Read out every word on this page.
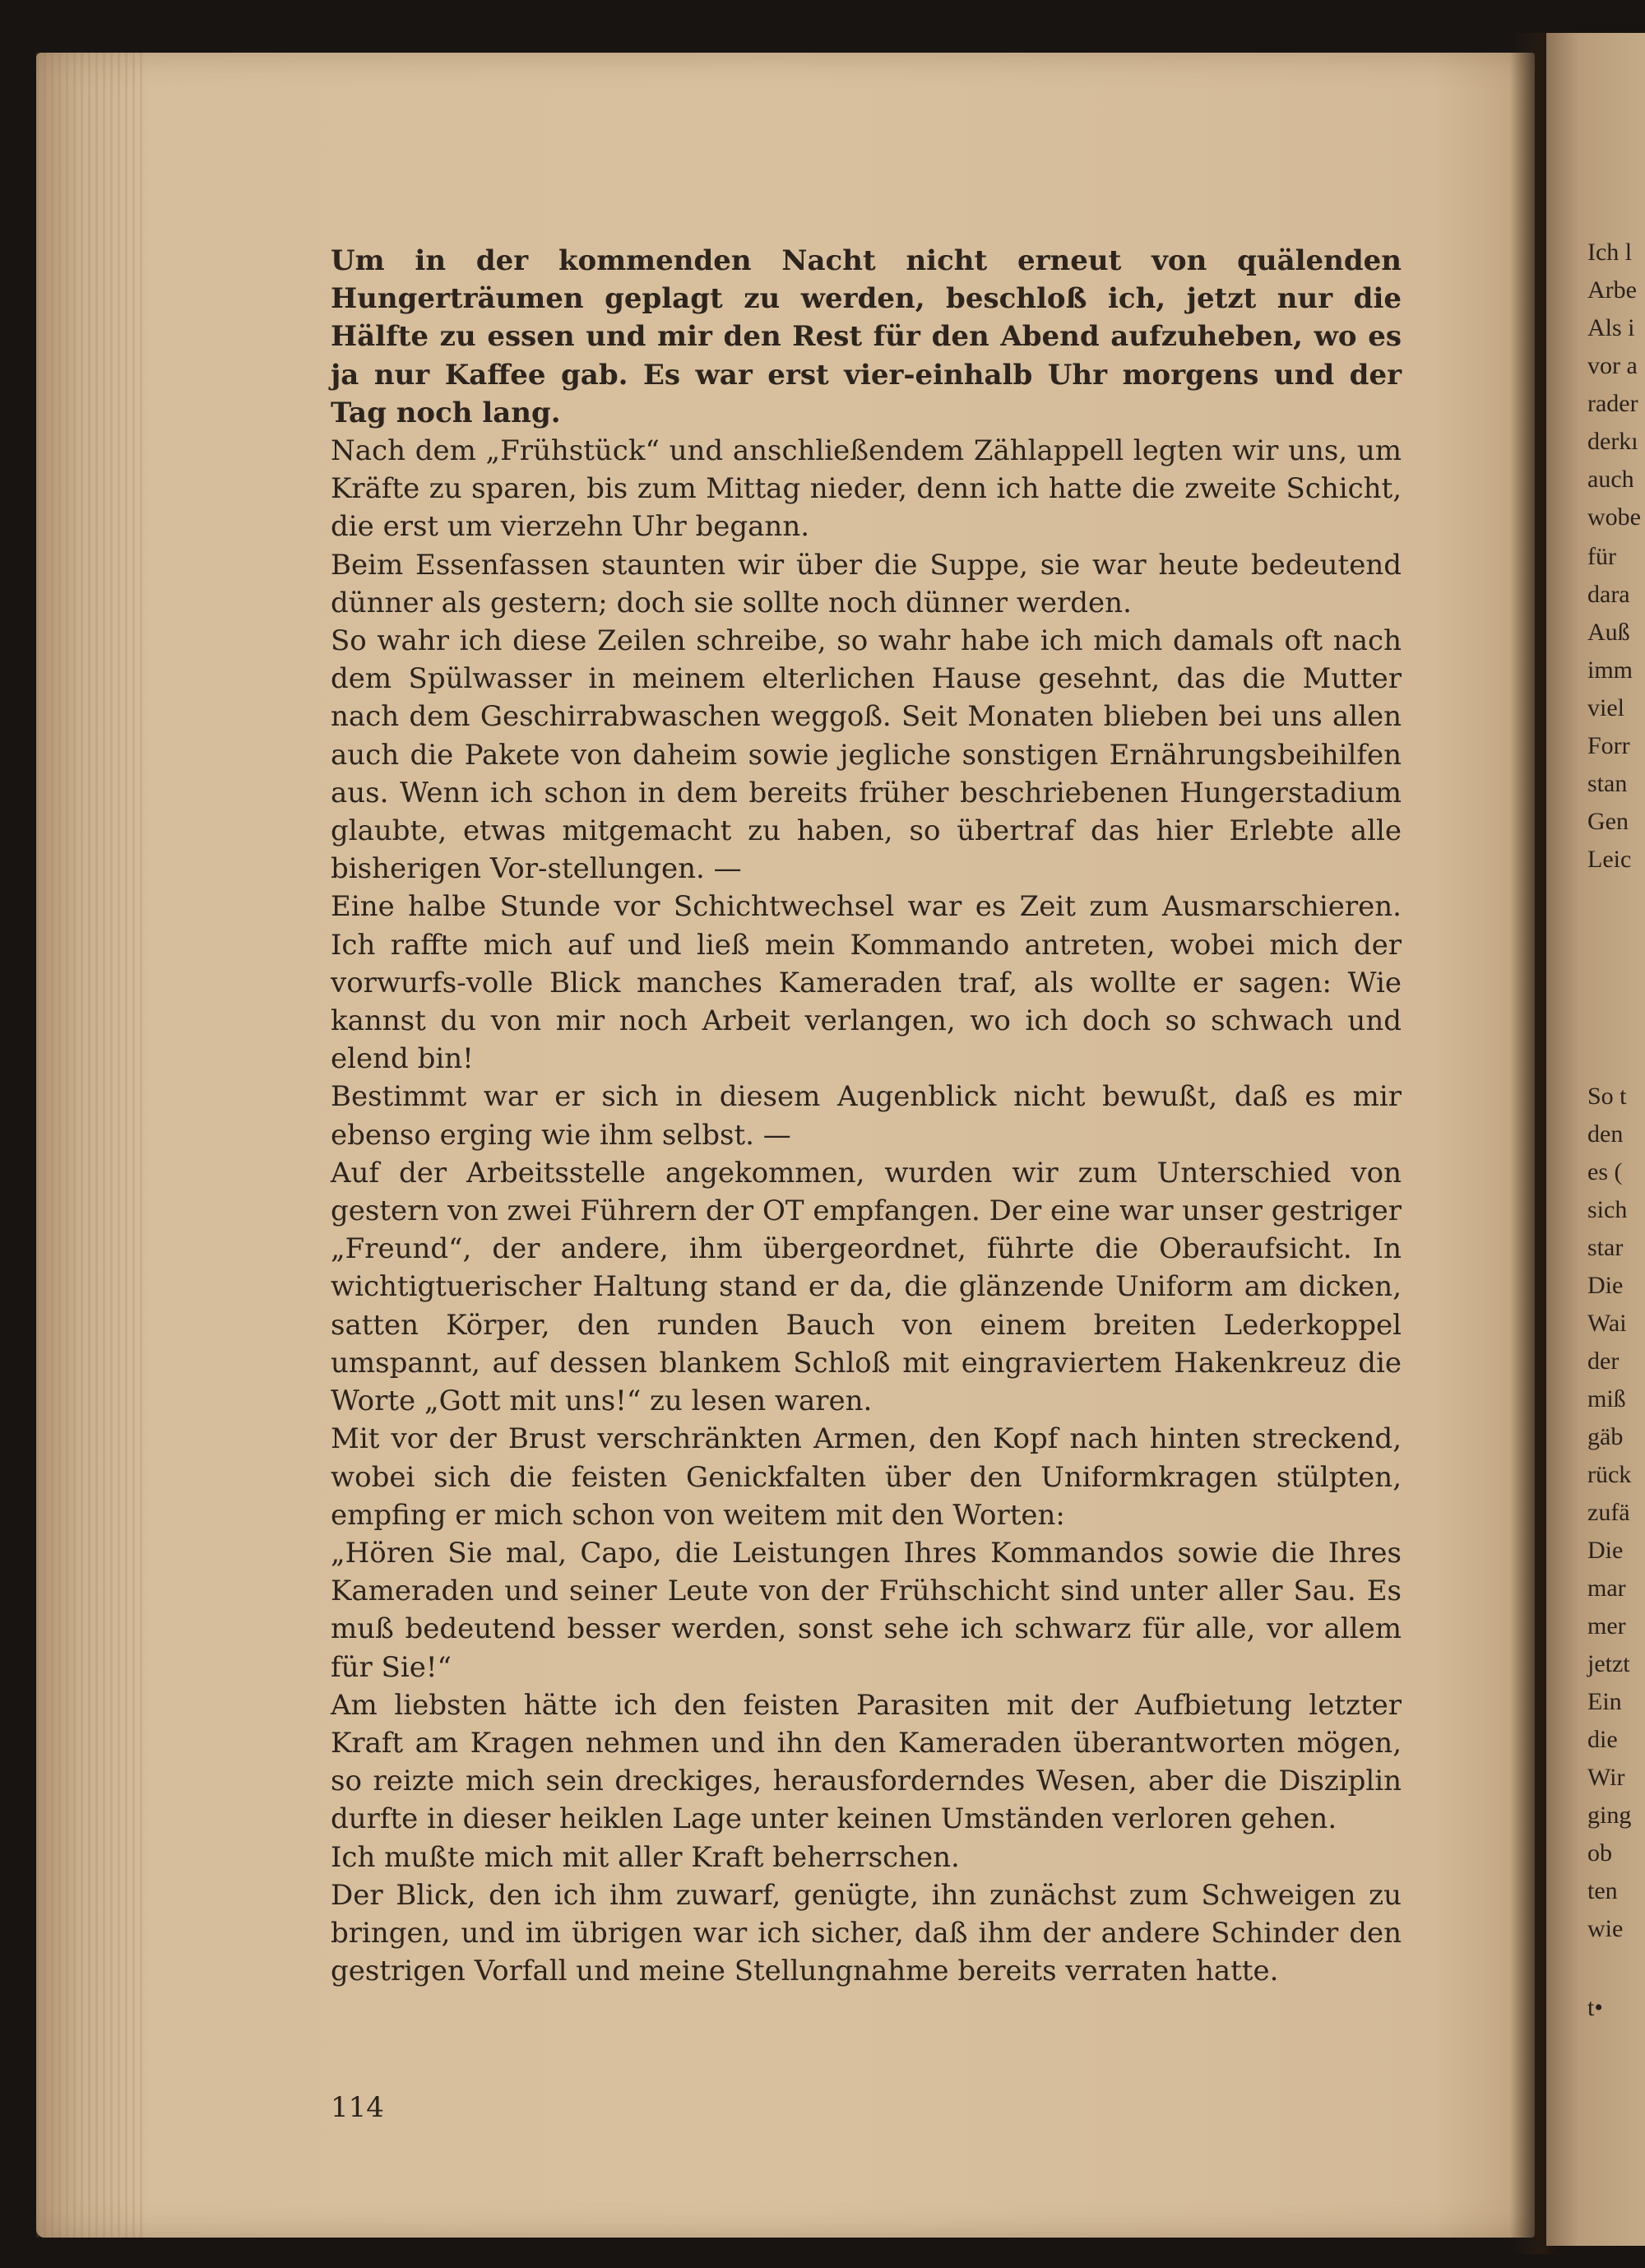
Um in der kommenden Nacht nicht erneut von quälenden Hungerträumen geplagt zu werden, beschloß ich, jetzt nur die Hälfte zu essen und mir den Rest für den Abend aufzuheben, wo es ja nur Kaffee gab. Es war erst vier-einhalb Uhr morgens und der Tag noch lang.

Nach dem „Frühstück“ und anschließendem Zählappell legten wir uns, um Kräfte zu sparen, bis zum Mittag nieder, denn ich hatte die zweite Schicht, die erst um vierzehn Uhr begann.

Beim Essenfassen staunten wir über die Suppe, sie war heute bedeutend dünner als gestern; doch sie sollte noch dünner werden.

So wahr ich diese Zeilen schreibe, so wahr habe ich mich damals oft nach dem Spülwasser in meinem elterlichen Hause gesehnt, das die Mutter nach dem Geschirrabwaschen weggoß. Seit Monaten blieben bei uns allen auch die Pakete von daheim sowie jegliche sonstigen Ernährungsbeihilfen aus. Wenn ich schon in dem bereits früher beschriebenen Hungerstadium glaubte, etwas mitgemacht zu haben, so übertraf das hier Erlebte alle bisherigen Vor-stellungen. —

Eine halbe Stunde vor Schichtwechsel war es Zeit zum Ausmarschieren. Ich raffte mich auf und ließ mein Kommando antreten, wobei mich der vorwurfs-volle Blick manches Kameraden traf, als wollte er sagen: Wie kannst du von mir noch Arbeit verlangen, wo ich doch so schwach und elend bin!

Bestimmt war er sich in diesem Augenblick nicht bewußt, daß es mir ebenso erging wie ihm selbst. —

Auf der Arbeitsstelle angekommen, wurden wir zum Unterschied von gestern von zwei Führern der OT empfangen. Der eine war unser gestriger „Freund“, der andere, ihm übergeordnet, führte die Oberaufsicht. In wichtigtuerischer Haltung stand er da, die glänzende Uniform am dicken, satten Körper, den runden Bauch von einem breiten Lederkoppel umspannt, auf dessen blankem Schloß mit eingraviertem Hakenkreuz die Worte „Gott mit uns!“ zu lesen waren.

Mit vor der Brust verschränkten Armen, den Kopf nach hinten streckend, wobei sich die feisten Genickfalten über den Uniformkragen stülpten, empfing er mich schon von weitem mit den Worten:

„Hören Sie mal, Capo, die Leistungen Ihres Kommandos sowie die Ihres Kameraden und seiner Leute von der Frühschicht sind unter aller Sau. Es muß bedeutend besser werden, sonst sehe ich schwarz für alle, vor allem für Sie!“

Am liebsten hätte ich den feisten Parasiten mit der Aufbietung letzter Kraft am Kragen nehmen und ihn den Kameraden überantworten mögen, so reizte mich sein dreckiges, herausforderndes Wesen, aber die Disziplin durfte in dieser heiklen Lage unter keinen Umständen verloren gehen.

Ich mußte mich mit aller Kraft beherrschen.

Der Blick, den ich ihm zuwarf, genügte, ihn zunächst zum Schweigen zu bringen, und im übrigen war ich sicher, daß ihm der andere Schinder den gestrigen Vorfall und meine Stellungnahme bereits verraten hatte.

114
Ich l
Arbe
Als i
vor a
rader
derkı
auch
wobe
für
dara
Auß
imm
viel
Forr
stan
Gen
Leic
So t
den
es (
sich
star
Die
Wai
der
miß
gäb
rück
zufä
Die
mar
mer
jetzt
Ein
die
Wir
ging
ob
ten
wie
t•
